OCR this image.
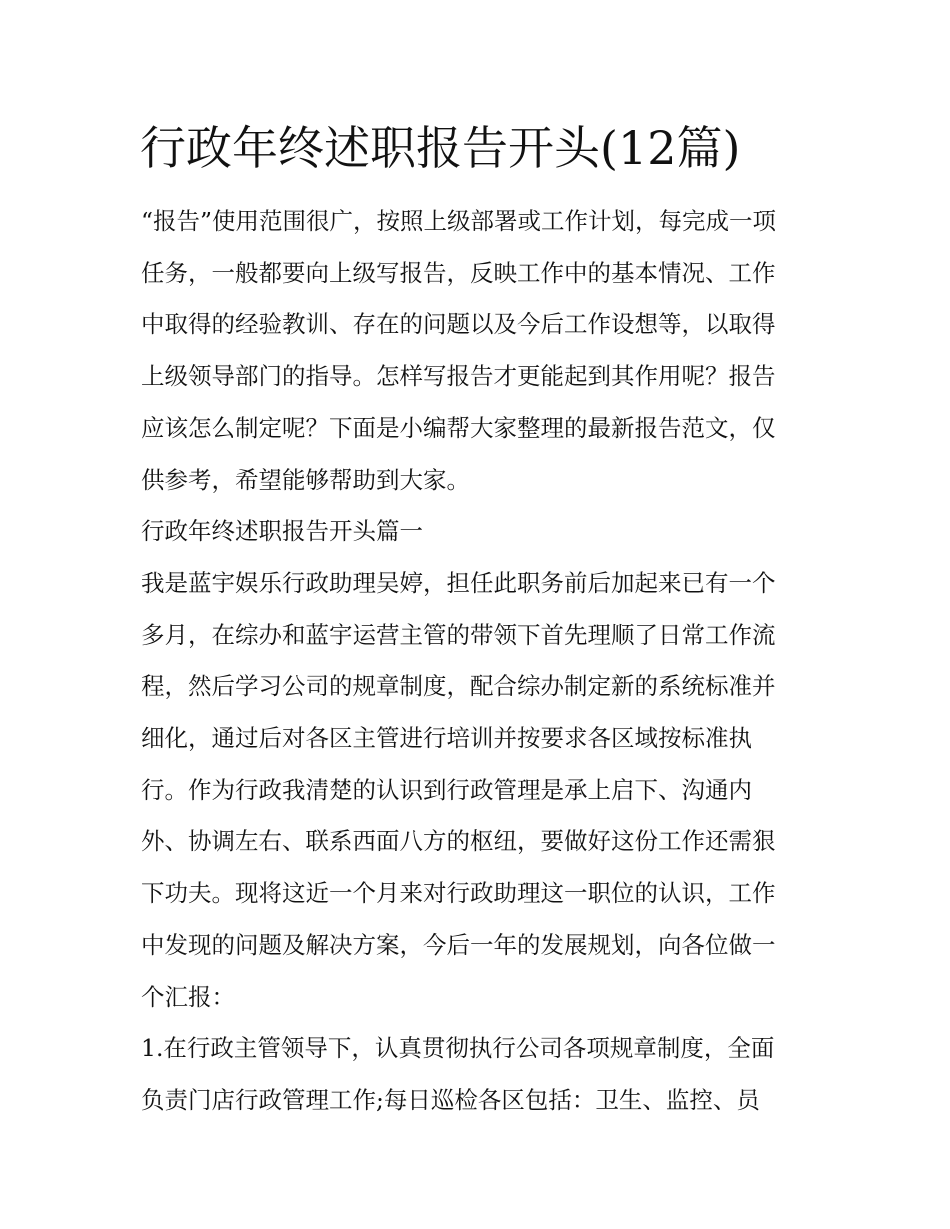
行政年终述职报告开头(12篇)

“报告”使用范围很广，按照上级部署或工作计划，每完成一项
任务，一般都要向上级写报告，反映工作中的基本情况、工作
中取得的经验教训、存在的问题以及今后工作设想等，以取得
上级领导部门的指导。怎样写报告才更能起到其作用呢？报告
应该怎么制定呢？下面是小编帮大家整理的最新报告范文，仅
供参考，希望能够帮助到大家。

行政年终述职报告开头篇一

我是蓝宇娱乐行政助理吴婷，担任此职务前后加起来已有一个
多月，在综办和蓝宇运营主管的带领下首先理顺了日常工作流
程，然后学习公司的规章制度，配合综办制定新的系统标准并
细化，通过后对各区主管进行培训并按要求各区域按标准执
行。作为行政我清楚的认识到行政管理是承上启下、沟通内
外、协调左右、联系西面八方的枢纽，要做好这份工作还需狠
下功夫。现将这近一个月来对行政助理这一职位的认识，工作
中发现的问题及解决方案，今后一年的发展规划，向各位做一
个汇报：

1.在行政主管领导下，认真贯彻执行公司各项规章制度，全面
负责门店行政管理工作;每日巡检各区包括：卫生、监控、员
